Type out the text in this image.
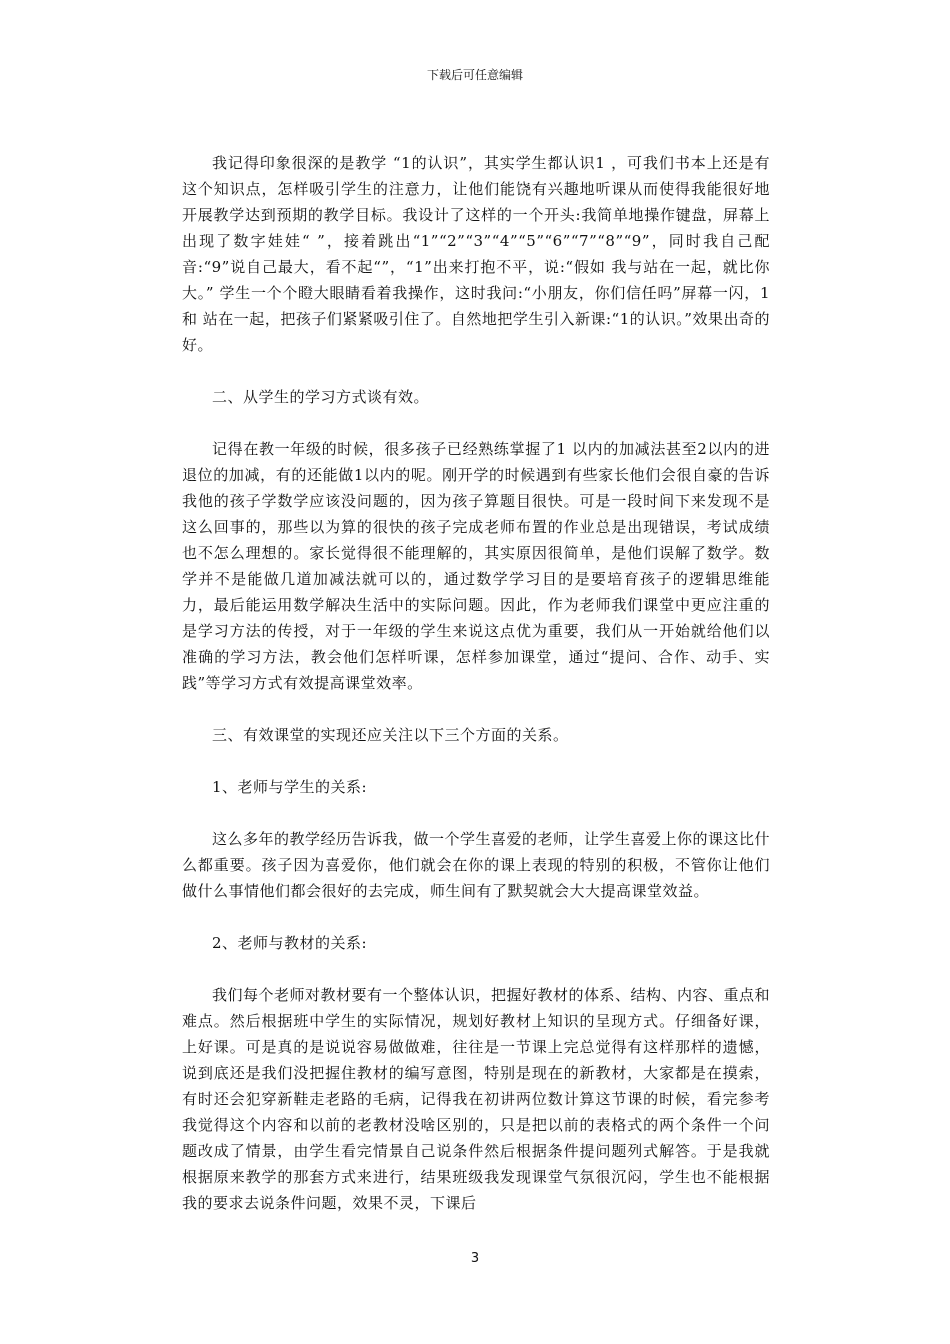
下载后可任意编辑

我记得印象很深的是教学 “1的认识”，其实学生都认识1 ，可我们书本上还是有这个知识点，怎样吸引学生的注意力，让他们能饶有兴趣地听课从而使得我能很好地开展教学达到预期的教学目标。我设计了这样的一个开头:我简单地操作键盘，屏幕上出现了数字娃娃“ ”，接着跳出“1”“2”“3”“4”“5”“6”“7”“8”“9”，同时我自己配音:“9”说自己最大，看不起“”，“1”出来打抱不平，说:“假如 我与站在一起，就比你大。” 学生一个个瞪大眼睛看着我操作，这时我问:“小朋友，你们信任吗”屏幕一闪，1和 站在一起，把孩子们紧紧吸引住了。自然地把学生引入新课:“1的认识。”效果出奇的好。

二、从学生的学习方式谈有效。

记得在教一年级的时候，很多孩子已经熟练掌握了1 以内的加减法甚至2以内的进退位的加减，有的还能做1以内的呢。刚开学的时候遇到有些家长他们会很自豪的告诉我他的孩子学数学应该没问题的，因为孩子算题目很快。可是一段时间下来发现不是这么回事的，那些以为算的很快的孩子完成老师布置的作业总是出现错误，考试成绩也不怎么理想的。家长觉得很不能理解的，其实原因很简单，是他们误解了数学。数学并不是能做几道加减法就可以的，通过数学学习目的是要培育孩子的逻辑思维能力，最后能运用数学解决生活中的实际问题。因此，作为老师我们课堂中更应注重的是学习方法的传授，对于一年级的学生来说这点优为重要，我们从一开始就给他们以准确的学习方法，教会他们怎样听课，怎样参加课堂，通过“提问、合作、动手、实践”等学习方式有效提高课堂效率。

三、有效课堂的实现还应关注以下三个方面的关系。

1、老师与学生的关系:

这么多年的教学经历告诉我，做一个学生喜爱的老师，让学生喜爱上你的课这比什么都重要。孩子因为喜爱你，他们就会在你的课上表现的特别的积极，不管你让他们做什么事情他们都会很好的去完成，师生间有了默契就会大大提高课堂效益。

2、老师与教材的关系:

我们每个老师对教材要有一个整体认识，把握好教材的体系、结构、内容、重点和难点。然后根据班中学生的实际情况，规划好教材上知识的呈现方式。仔细备好课，上好课。可是真的是说说容易做做难，往往是一节课上完总觉得有这样那样的遗憾，说到底还是我们没把握住教材的编写意图，特别是现在的新教材，大家都是在摸索，有时还会犯穿新鞋走老路的毛病，记得我在初讲两位数计算这节课的时候，看完参考我觉得这个内容和以前的老教材没啥区别的，只是把以前的表格式的两个条件一个问题改成了情景，由学生看完情景自己说条件然后根据条件提问题列式解答。于是我就根据原来教学的那套方式来进行，结果班级我发现课堂气氛很沉闷，学生也不能根据我的要求去说条件问题，效果不灵，下课后

3
